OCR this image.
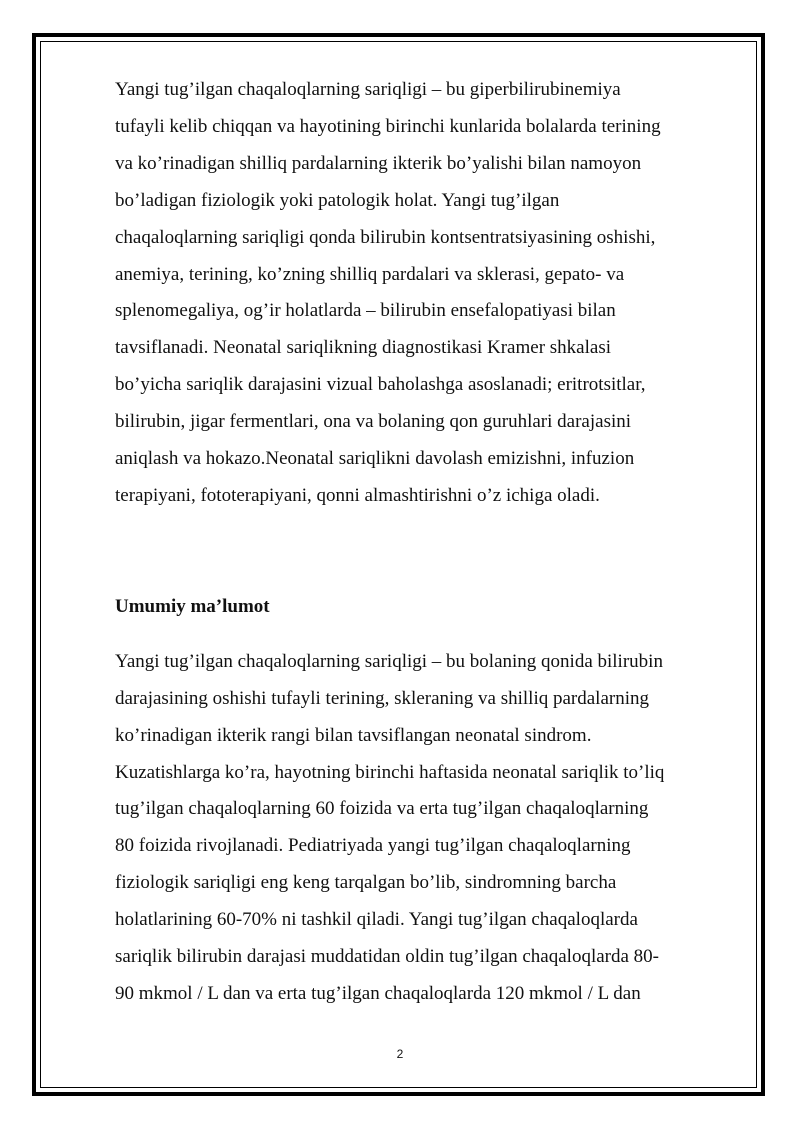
Yangi tug’ilgan chaqaloqlarning sariqligi – bu giperbilirubinemiya
tufayli kelib chiqqan va hayotining birinchi kunlarida bolalarda terining
va ko’rinadigan shilliq pardalarning ikterik bo’yalishi bilan namoyon
bo’ladigan fiziologik yoki patologik holat. Yangi tug’ilgan
chaqaloqlarning sariqligi qonda bilirubin kontsentratsiyasining oshishi,
anemiya, terining, ko’zning shilliq pardalari va sklerasi, gepato- va
splenomegaliya, og’ir holatlarda – bilirubin ensefalopatiyasi bilan
tavsiflanadi. Neonatal sariqlikning diagnostikasi Kramer shkalasi
bo’yicha sariqlik darajasini vizual baholashga asoslanadi; eritrotsitlar,
bilirubin, jigar fermentlari, ona va bolaning qon guruhlari darajasini
aniqlash va hokazo.Neonatal sariqlikni davolash emizishni, infuzion
terapiyani, fototerapiyani, qonni almashtirishni o’z ichiga oladi.

Umumiy ma’lumot

Yangi tug’ilgan chaqaloqlarning sariqligi – bu bolaning qonida bilirubin
darajasining oshishi tufayli terining, skleraning va shilliq pardalarning
ko’rinadigan ikterik rangi bilan tavsiflangan neonatal sindrom.
Kuzatishlarga ko’ra, hayotning birinchi haftasida neonatal sariqlik to’liq
tug’ilgan chaqaloqlarning 60 foizida va erta tug’ilgan chaqaloqlarning
80 foizida rivojlanadi. Pediatriyada yangi tug’ilgan chaqaloqlarning
fiziologik sariqligi eng keng tarqalgan bo’lib, sindromning barcha
holatlarining 60-70% ni tashkil qiladi. Yangi tug’ilgan chaqaloqlarda
sariqlik bilirubin darajasi muddatidan oldin tug’ilgan chaqaloqlarda 80-
90 mkmol / L dan va erta tug’ilgan chaqaloqlarda 120 mkmol / L dan

2
